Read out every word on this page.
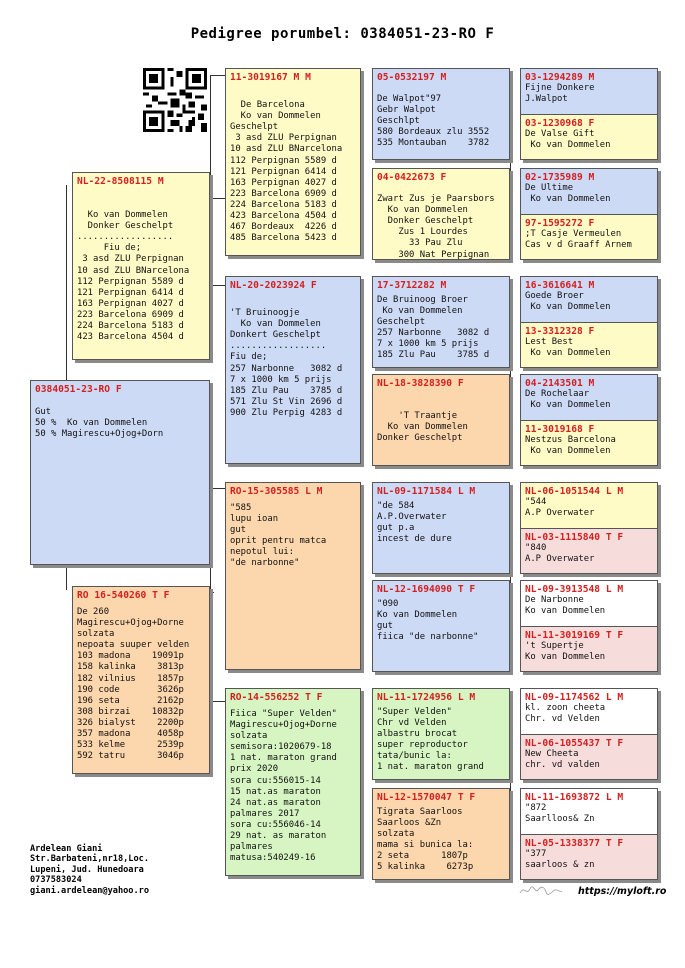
Pedigree porumbel: 0384051-23-RO F
0384051-23-RO F
Gut
50 %  Ko van Dommelen
50 % Magirescu+Ojog+Dorn
NL-22-8508115 M

Ko van Dommelen
Donker Geschelpt
..................
Fiu de;
3 asd ZLU Perpignan
10 asd ZLU BNarcelona
112 Perpignan 5589 d
121 Perpignan 6414 d
163 Perpignan 4027 d
223 Barcelona 6909 d
224 Barcelona 5183 d
423 Barcelona 4504 d
RO 16-540260 T F
De 260
Magirescu+Ojog+Dorne
solzata
nepoata suuper velden
103 madona    19091p
158 kalinka    3813p
182 vilnius    1857p
190 code       3626p
196 seta       2162p
308 birzai    10832p
326 bialyst    2200p
357 madona     4058p
533 kelme      2539p
592 tatru      3046p
11-3019167 M M

De Barcelona
Ko van Dommelen
Geschelpt
3 asd ZLU Perpignan
10 asd ZLU BNarcelona
112 Perpignan 5589 d
121 Perpignan 6414 d
163 Perpignan 4027 d
223 Barcelona 6909 d
224 Barcelona 5183 d
423 Barcelona 4504 d
467 Bordeaux  4226 d
485 Barcelona 5423 d
NL-20-2023924 F

'T Bruinoogje
Ko van Dommelen
Donkert Geschelpt
..................
Fiu de;
257 Narbonne   3082 d
7 x 1000 km 5 prijs
185 Zlu Pau    3785 d
571 Zlu St Vin 2696 d
900 Zlu Perpig 4283 d
RO-15-305585 L M
"585
lupu ioan
gut
oprit pentru matca
nepotul lui:
"de narbonne"
RO-14-556252 T F
Fiica "Super Velden"
Magirescu+Ojog+Dorne
solzata
semisora:1020679-18
1 nat. maraton grand
prix 2020
sora cu:556015-14
15 nat.as maraton
24 nat.as maraton
palmares 2017
sora cu:556046-14
29 nat. as maraton
palmares
matusa:540249-16
05-0532197 M

De Walpot"97
Gebr Walpot
Geschlpt
580 Bordeaux zlu 3552
535 Montauban    3782
04-0422673 F

Zwart Zus je Paarsbors
Ko van Dommelen
Donker Geschelpt
Zus 1 Lourdes
33 Pau Zlu
300 Nat Perpignan
17-3712282 M
De Bruinoog Broer
Ko van Dommelen
Geschelpt
257 Narbonne   3082 d
7 x 1000 km 5 prijs
185 Zlu Pau    3785 d
NL-18-3828390 F

'T Traantje
Ko van Dommelen
Donker Geschelpt
NL-09-1171584 L M
"de 584
A.P.Overwater
gut p.a
incest de dure
NL-12-1694090 T F
"090
Ko van Dommelen
gut
fiica "de narbonne"
NL-11-1724956 L M
"Super Velden"
Chr vd Velden
albastru brocat
super reproductor
tata/bunic la:
1 nat. maraton grand
NL-12-1570047 T F
Tigrata Saarloos
Saarloos &Zn
solzata
mama si bunica la:
2 seta      1807p
5 kalinka    6273p
03-1294289 M
Fijne Donkere
J.Walpot
03-1230968 F
De Valse Gift
Ko van Dommelen
02-1735989 M
De Ultime
Ko van Dommelen
97-1595272 F
;T Casje Vermeulen
Cas v d Graaff Arnem
16-3616641 M
Goede Broer
Ko van Dommelen
13-3312328 F
Lest Best
Ko van Dommelen
04-2143501 M
De Rochelaar
Ko van Dommelen
11-3019168 F
Nestzus Barcelona
Ko van Dommelen
NL-06-1051544 L M
"544
A.P Overwater
NL-03-1115840 T F
"840
A.P Overwater
NL-09-3913548 L M
De Narbonne
Ko van Dommelen
NL-11-3019169 T F
't Supertje
Ko van Dommelen
NL-09-1174562 L M
kl. zoon cheeta
Chr. vd Velden
NL-06-1055437 T F
New Cheeta
chr. vd valden
NL-11-1693872 L M
"872
Saarlloos& Zn
NL-05-1338377 T F
"377
saarloos & zn
Ardelean Giani
Str.Barbateni,nr18,Loc.
Lupeni, Jud. Hunedoara
0737583024
giani.ardelean@yahoo.ro	https://myloft.ro
